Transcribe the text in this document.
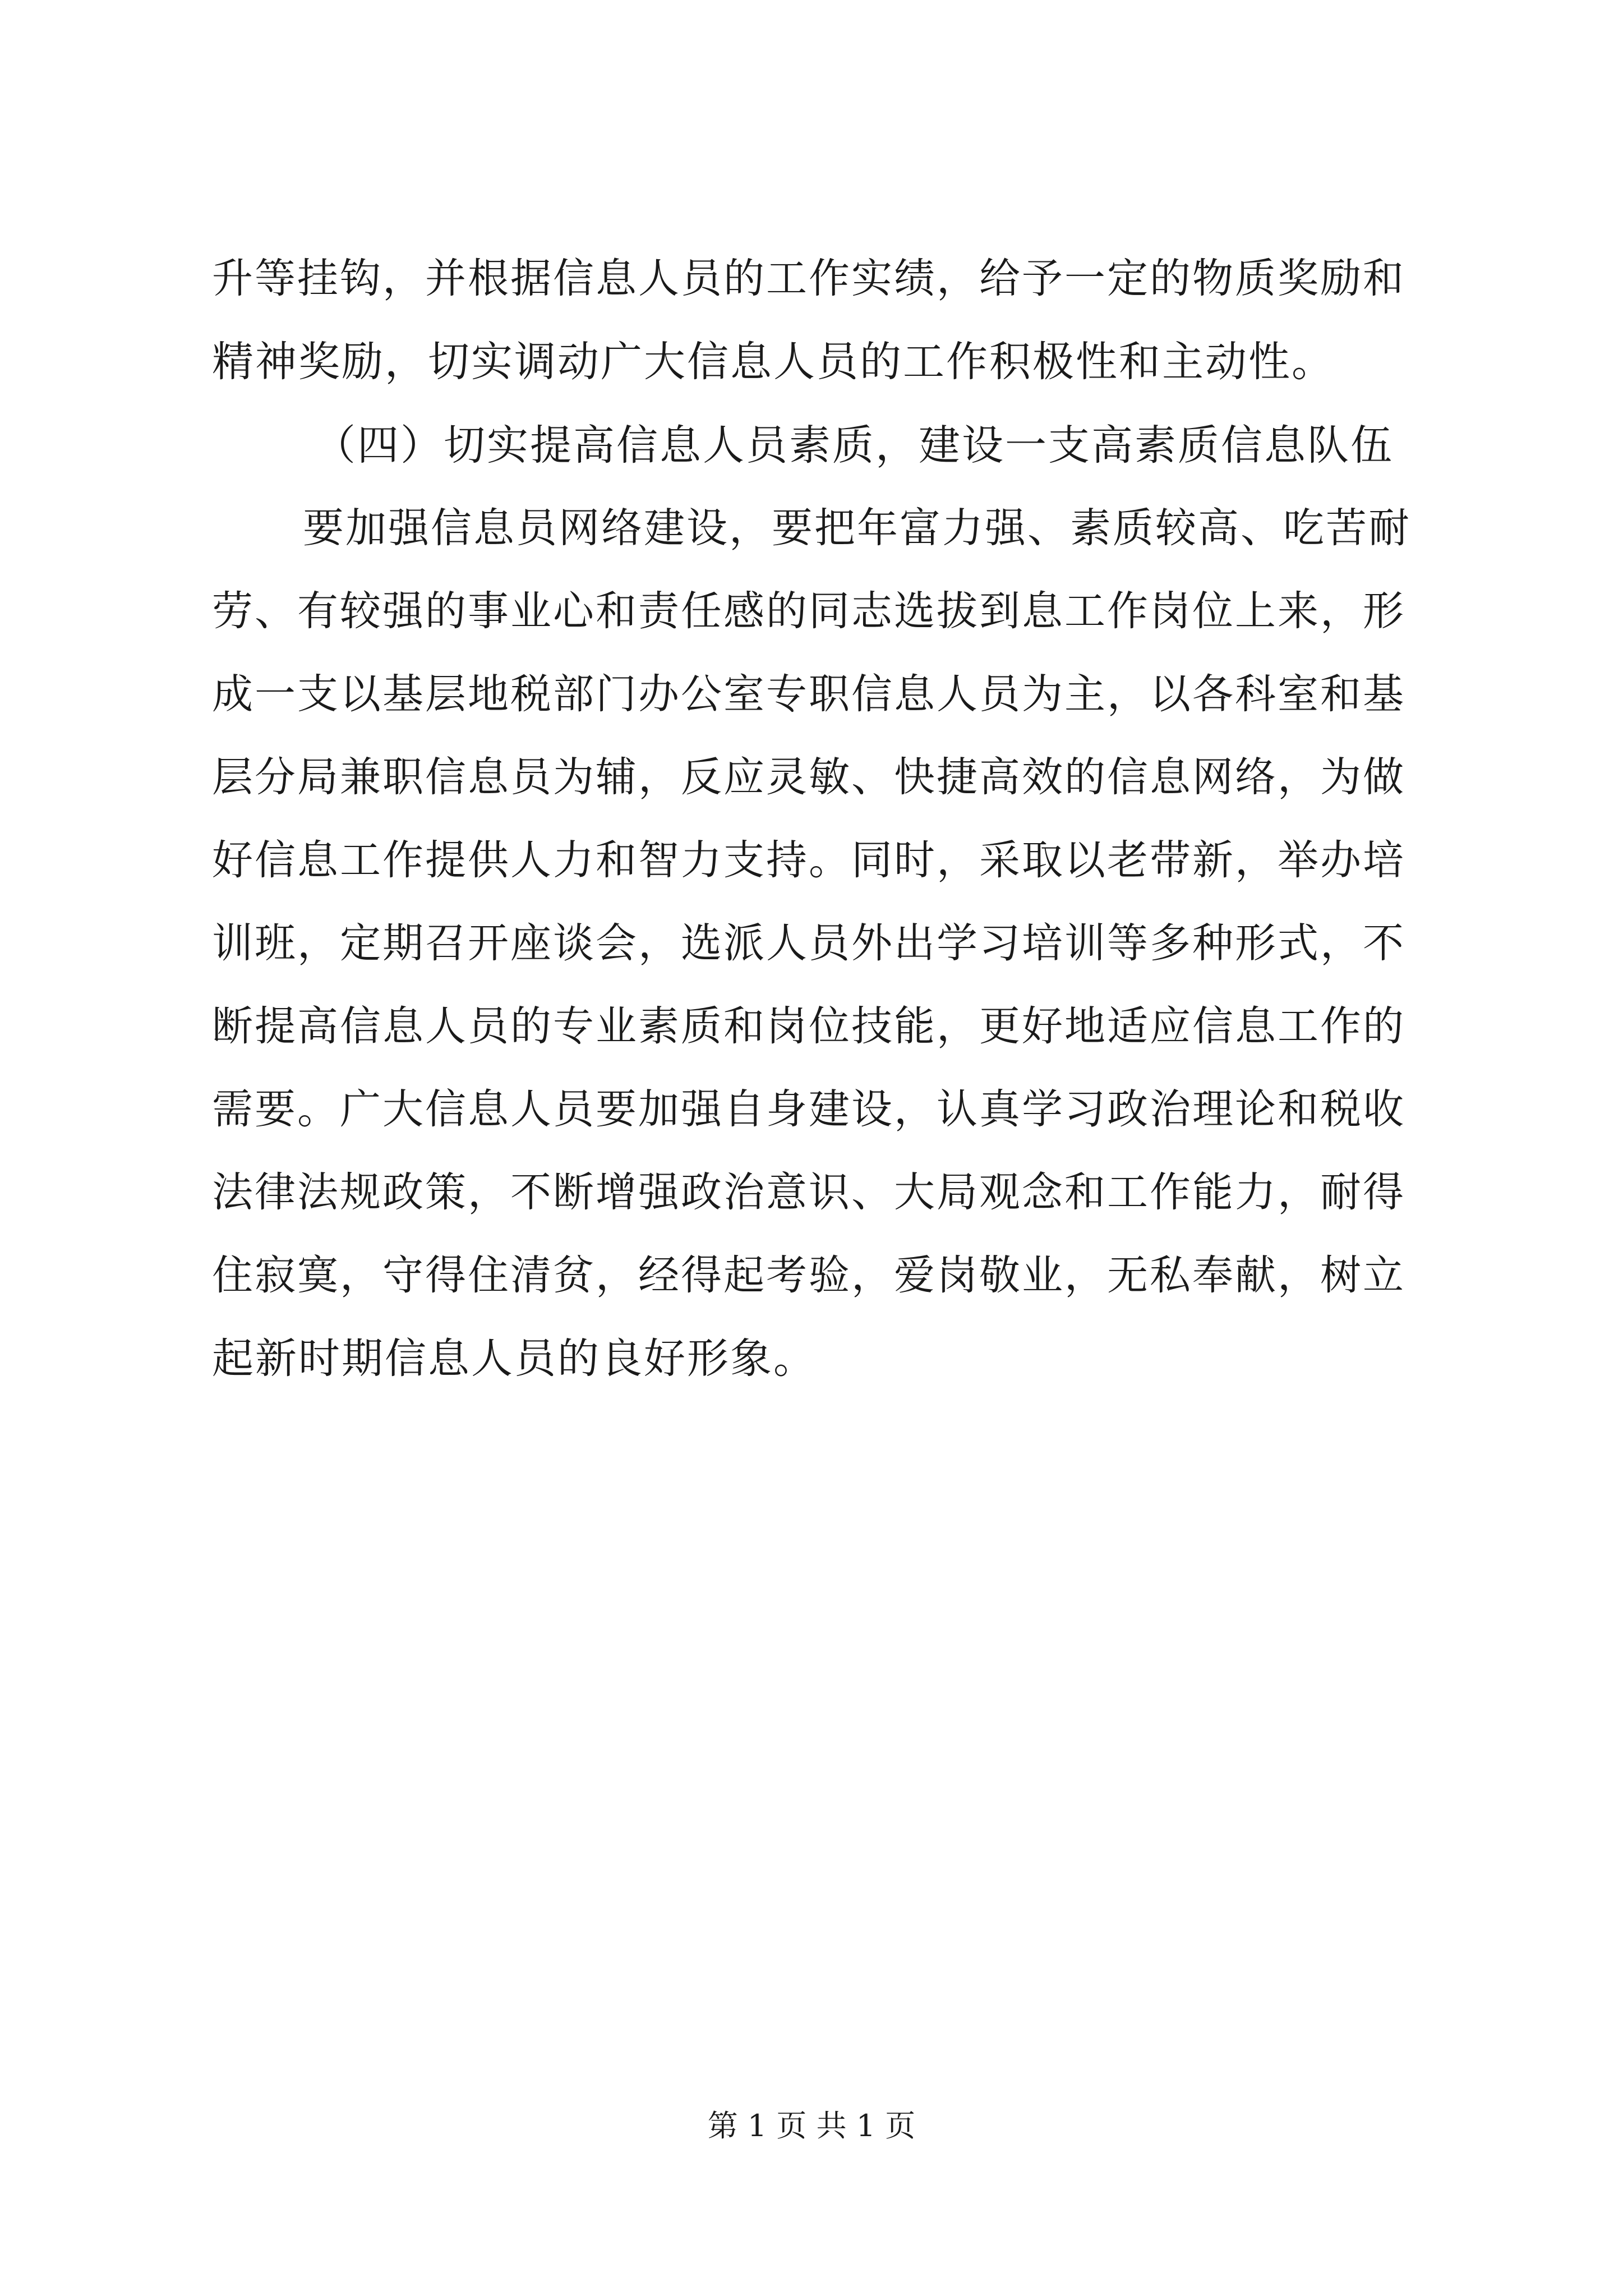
升等挂钩，并根据信息人员的工作实绩，给予一定的物质奖励和
精神奖励，切实调动广大信息人员的工作积极性和主动性。
（四）切实提高信息人员素质，建设一支高素质信息队伍
要加强信息员网络建设，要把年富力强、素质较高、吃苦耐
劳、有较强的事业心和责任感的同志选拔到息工作岗位上来，形
成一支以基层地税部门办公室专职信息人员为主，以各科室和基
层分局兼职信息员为辅，反应灵敏、快捷高效的信息网络，为做
好信息工作提供人力和智力支持。同时，采取以老带新，举办培
训班，定期召开座谈会，选派人员外出学习培训等多种形式，不
断提高信息人员的专业素质和岗位技能，更好地适应信息工作的
需要。广大信息人员要加强自身建设，认真学习政治理论和税收
法律法规政策，不断增强政治意识、大局观念和工作能力，耐得
住寂寞，守得住清贫，经得起考验，爱岗敬业，无私奉献，树立
起新时期信息人员的良好形象。
第 1 页 共 1 页
